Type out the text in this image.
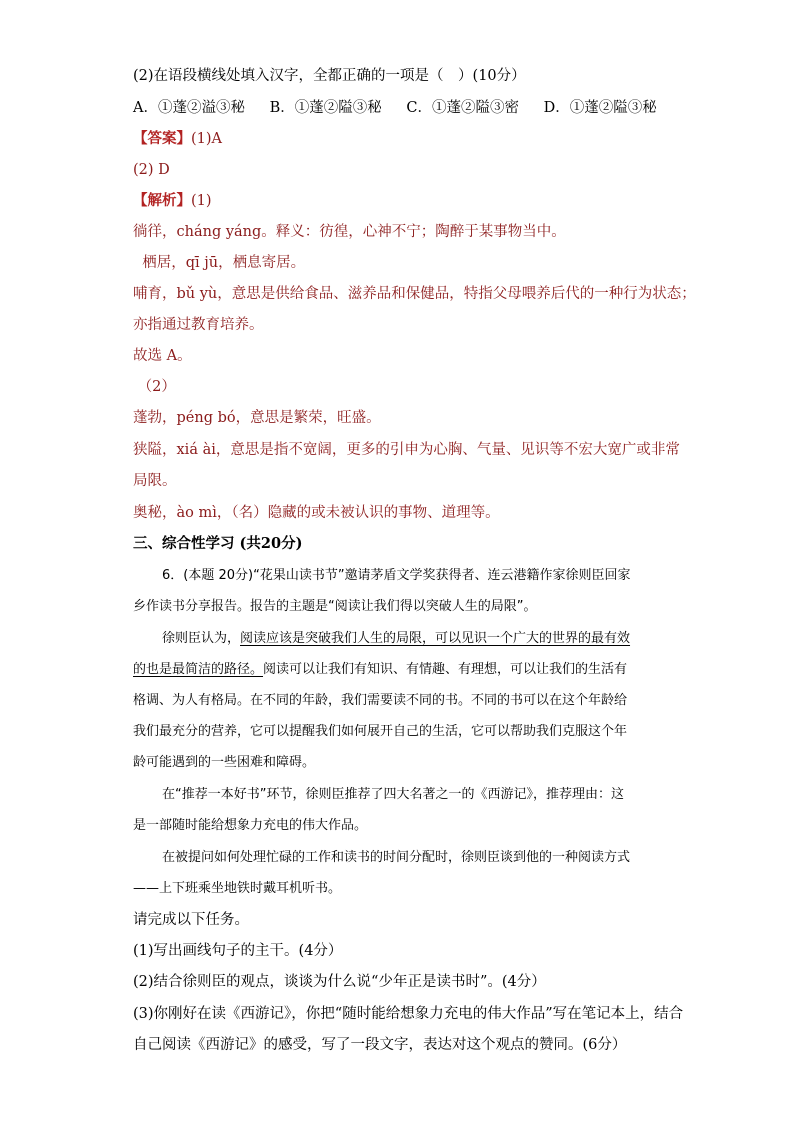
(2)在语段横线处填入汉字，全都正确的一项是（　）(10分）
A．①蓬②溢③秘 B．①蓬②隘③秘 C．①蓬②隘③密 D．①蓬②隘③秘
【答案】(1)A
(2) D
【解析】(1)
徜徉，cháng yáng。释义：彷徨，心神不宁；陶醉于某事物当中。
栖居，qī jū，栖息寄居。
哺育，bǔ yù，意思是供给食品、滋养品和保健品，特指父母喂养后代的一种行为状态；
亦指通过教育培养。
故选 A。
（2）
蓬勃，péng bó，意思是繁荣，旺盛。
狭隘，xiá ài，意思是指不宽阔，更多的引申为心胸、气量、见识等不宏大宽广或非常
局限。
奥秘，ào mì，（名）隐藏的或未被认识的事物、道理等。
三、综合性学习 (共20分)
6．(本题 20分)“花果山读书节”邀请茅盾文学奖获得者、连云港籍作家徐则臣回家
乡作读书分享报告。报告的主题是“阅读让我们得以突破人生的局限”。
徐则臣认为，阅读应该是突破我们人生的局限，可以见识一个广大的世界的最有效
的也是最简洁的路径。阅读可以让我们有知识、有情趣、有理想，可以让我们的生活有
格调、为人有格局。在不同的年龄，我们需要读不同的书。不同的书可以在这个年龄给
我们最充分的营养，它可以提醒我们如何展开自己的生活，它可以帮助我们克服这个年
龄可能遇到的一些困难和障碍。
在“推荐一本好书”环节，徐则臣推荐了四大名著之一的《西游记》，推荐理由：这
是一部随时能给想象力充电的伟大作品。
在被提问如何处理忙碌的工作和读书的时间分配时，徐则臣谈到他的一种阅读方式
——上下班乘坐地铁时戴耳机听书。
请完成以下任务。
(1)写出画线句子的主干。(4分）
(2)结合徐则臣的观点，谈谈为什么说“少年正是读书时”。(4分）
(3)你刚好在读《西游记》，你把“随时能给想象力充电的伟大作品”写在笔记本上，结合
自己阅读《西游记》的感受，写了一段文字，表达对这个观点的赞同。(6分）
